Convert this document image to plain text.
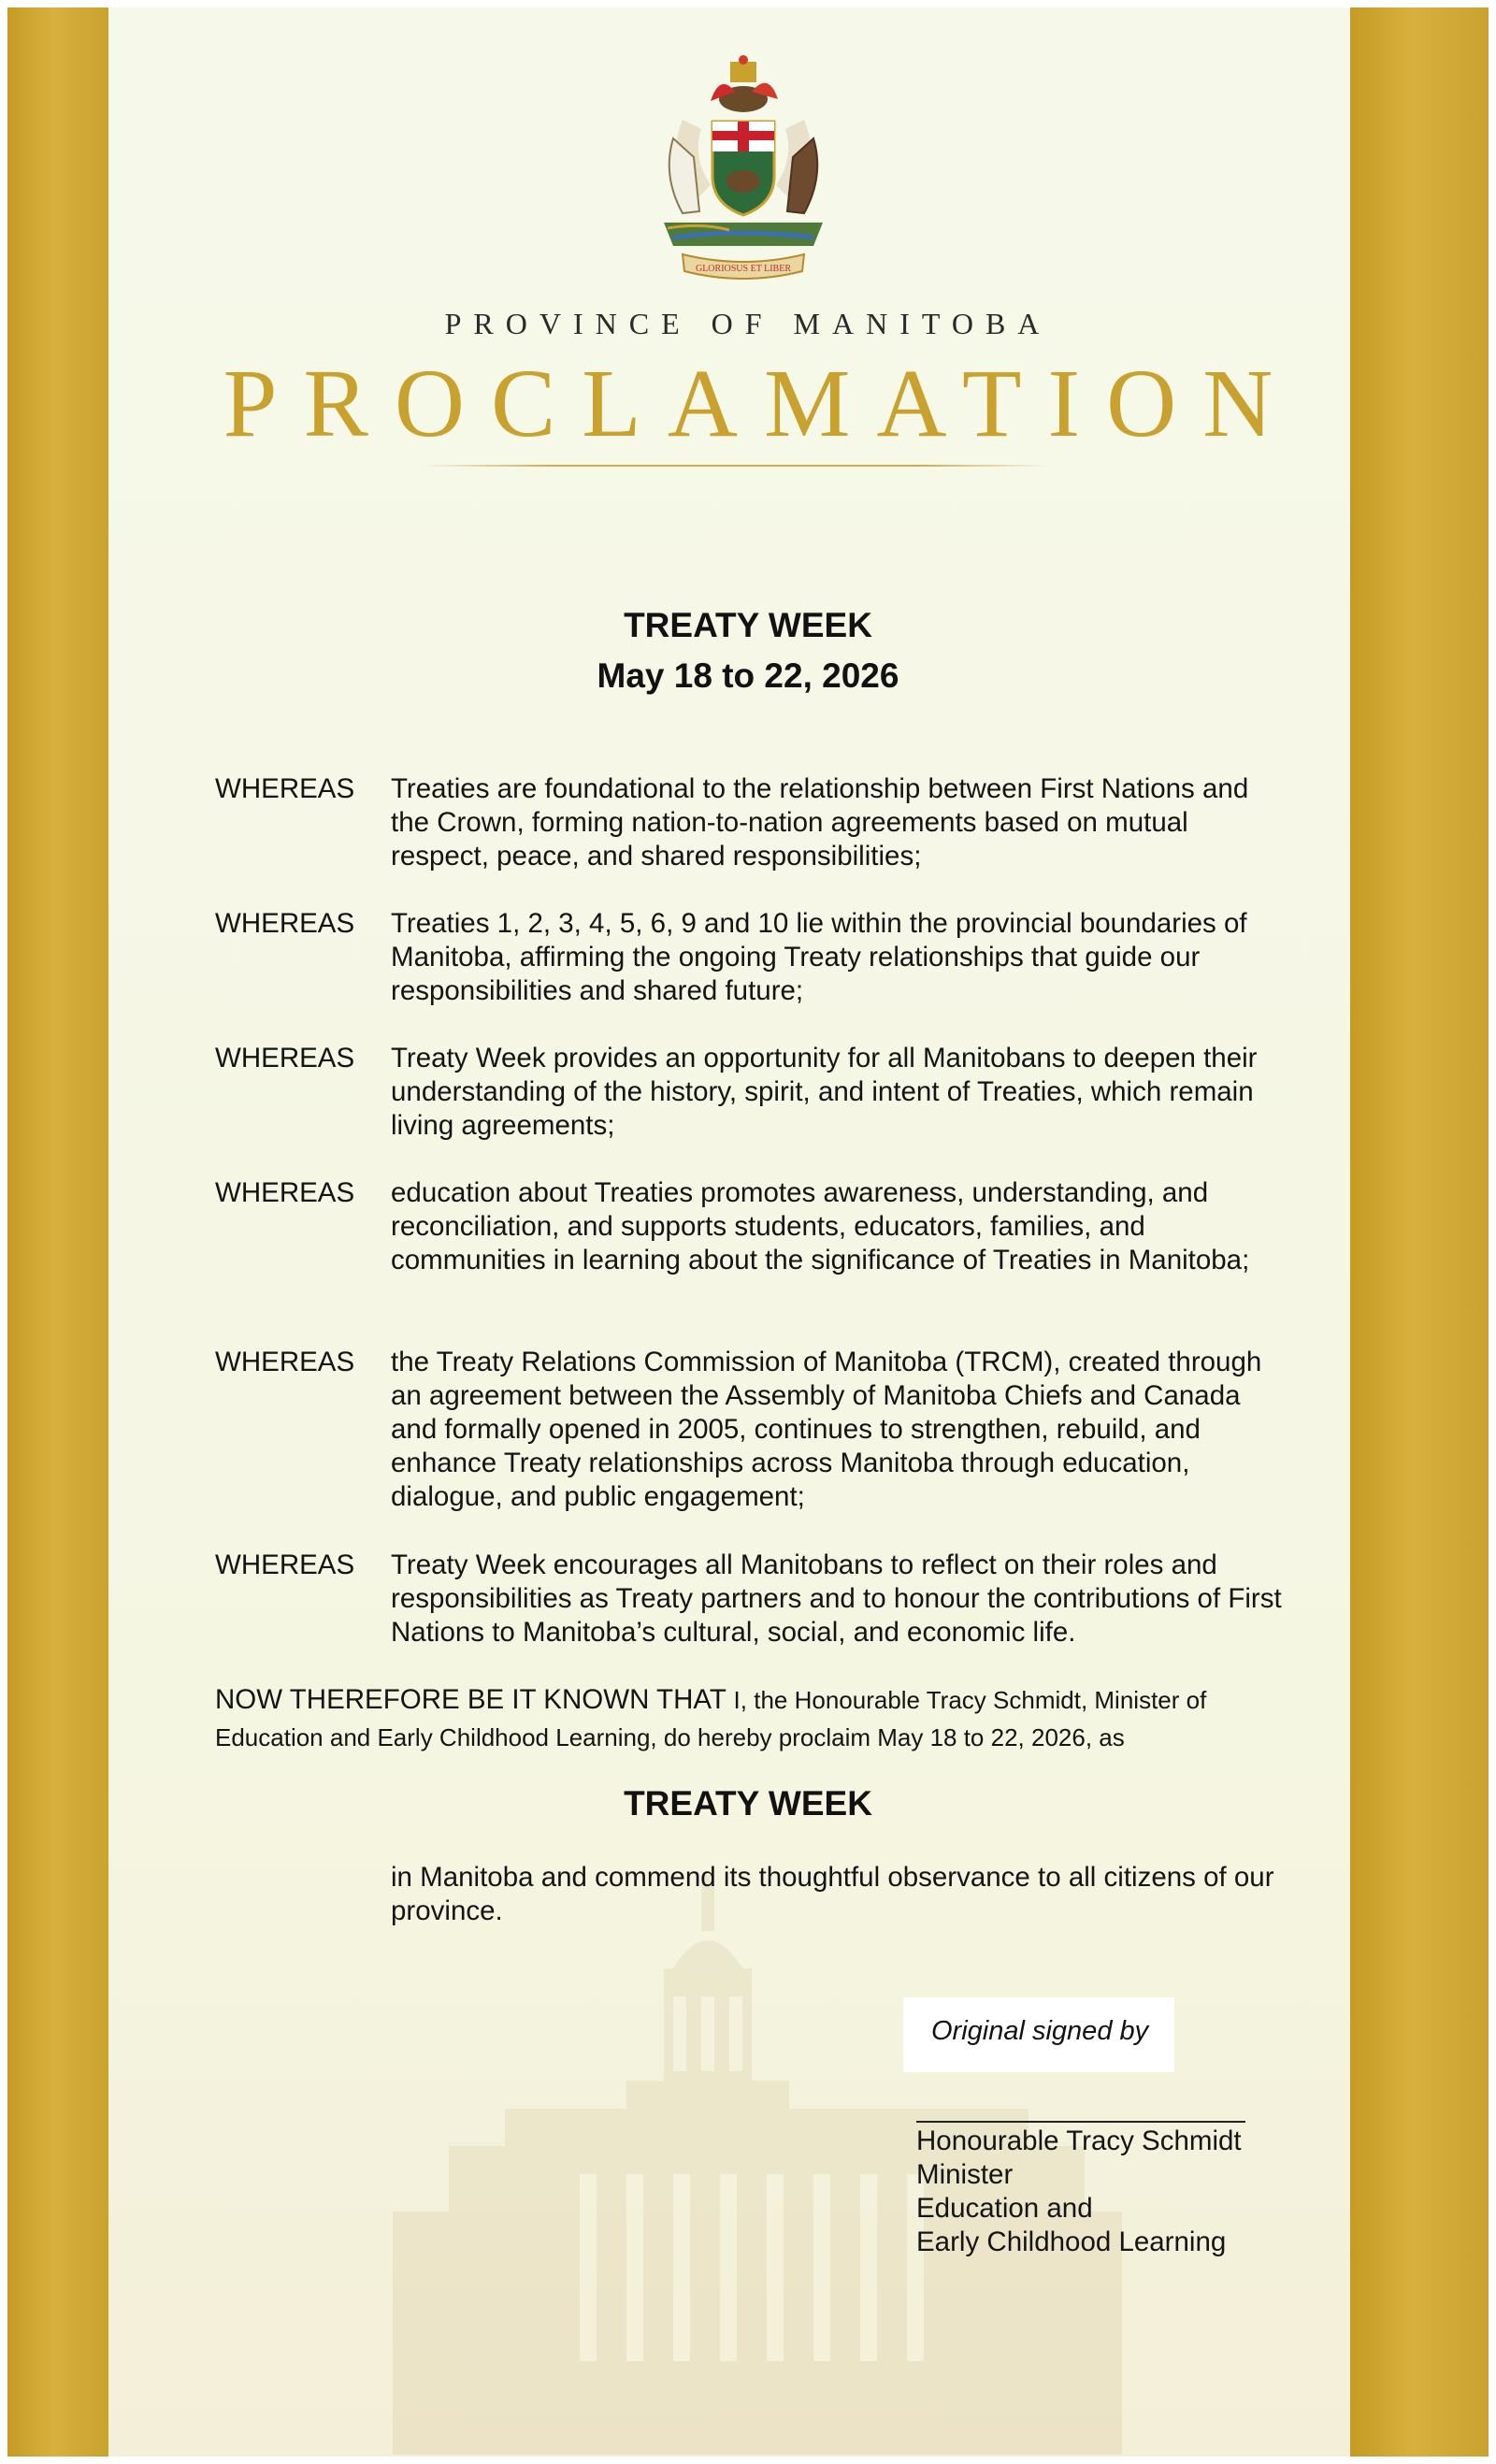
GLORIOSUS ET LIBER
PROVINCE OF MANITOBA
PROCLAMATION
TREATY WEEK
May 18 to 22, 2026
WHEREAS	Treaties are foundational to the relationship between First Nations and the Crown, forming nation-to-nation agreements based on mutual respect, peace, and shared responsibilities;
WHEREAS	Treaties 1, 2, 3, 4, 5, 6, 9 and 10 lie within the provincial boundaries of Manitoba, affirming the ongoing Treaty relationships that guide our responsibilities and shared future;
WHEREAS	Treaty Week provides an opportunity for all Manitobans to deepen their understanding of the history, spirit, and intent of Treaties, which remain living agreements;
WHEREAS	education about Treaties promotes awareness, understanding, and reconciliation, and supports students, educators, families, and communities in learning about the significance of Treaties in Manitoba;
WHEREAS	the Treaty Relations Commission of Manitoba (TRCM), created through an agreement between the Assembly of Manitoba Chiefs and Canada and formally opened in 2005, continues to strengthen, rebuild, and enhance Treaty relationships across Manitoba through education, dialogue, and public engagement;
WHEREAS	Treaty Week encourages all Manitobans to reflect on their roles and responsibilities as Treaty partners and to honour the contributions of First Nations to Manitoba’s cultural, social, and economic life.
NOW THEREFORE BE IT KNOWN THAT I, the Honourable Tracy Schmidt, Minister of Education and Early Childhood Learning, do hereby proclaim May 18 to 22, 2026, as
TREATY WEEK
in Manitoba and commend its thoughtful observance to all citizens of our province.
Original signed by
Honourable Tracy Schmidt
Minister
Education and
Early Childhood Learning
